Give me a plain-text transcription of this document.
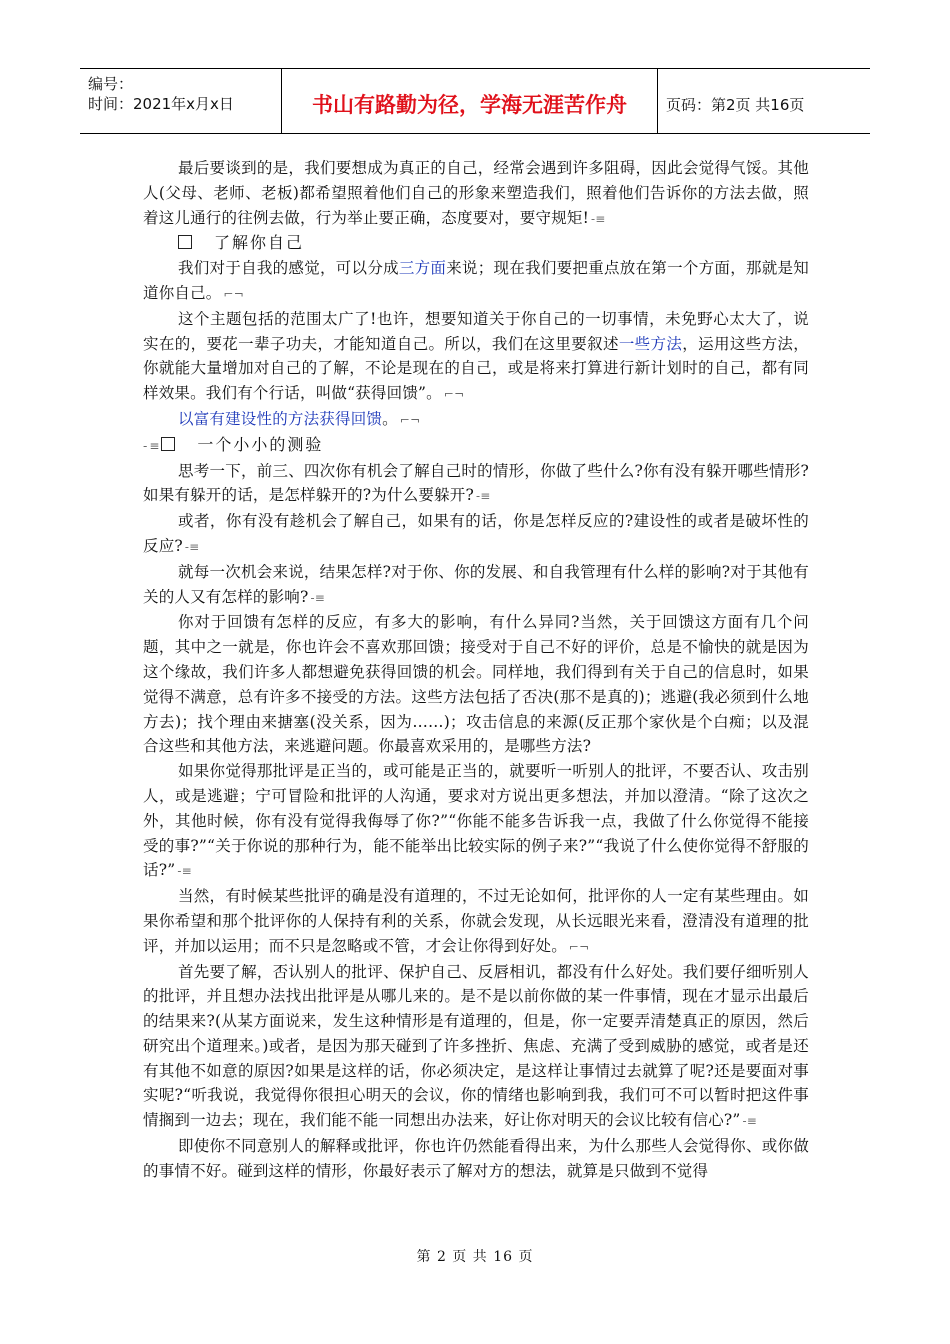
编号：
时间：2021年x月x日	书山有路勤为径，学海无涯苦作舟	页码：第2页 共16页

最后要谈到的是，我们要想成为真正的自己，经常会遇到许多阻碍，因此会觉得气馁。其他人(父母、老师、老板)都希望照着他们自己的形象来塑造我们，照着他们告诉你的方法去做，照着这儿通行的往例去做，行为举止要正确，态度要对，要守规矩! -≡

了解你自己

我们对于自我的感觉，可以分成三方面来说；现在我们要把重点放在第一个方面，那就是知道你自己。 ⌐¬

这个主题包括的范围太广了!也许，想要知道关于你自己的一切事情，未免野心太大了，说实在的，要花一辈子功夫，才能知道自己。所以，我们在这里要叙述一些方法，运用这些方法，你就能大量增加对自己的了解，不论是现在的自己，或是将来打算进行新计划时的自己，都有同样效果。我们有个行话，叫做“获得回馈”。 ⌐¬

以富有建设性的方法获得回馈。 ⌐¬

-≡ 一个小小的测验

思考一下，前三、四次你有机会了解自己时的情形，你做了些什么?你有没有躲开哪些情形?如果有躲开的话，是怎样躲开的?为什么要躲开? -≡

或者，你有没有趁机会了解自己，如果有的话，你是怎样反应的?建设性的或者是破坏性的反应? -≡

就每一次机会来说，结果怎样?对于你、你的发展、和自我管理有什么样的影响?对于其他有关的人又有怎样的影响? -≡

你对于回馈有怎样的反应，有多大的影响，有什么异同?当然，关于回馈这方面有几个问题，其中之一就是，你也许会不喜欢那回馈；接受对于自己不好的评价，总是不愉快的就是因为这个缘故，我们许多人都想避免获得回馈的机会。同样地，我们得到有关于自己的信息时，如果觉得不满意，总有许多不接受的方法。这些方法包括了否决(那不是真的)；逃避(我必须到什么地方去)；找个理由来搪塞(没关系，因为……)；攻击信息的来源(反正那个家伙是个白痴；以及混合这些和其他方法，来逃避问题。你最喜欢采用的，是哪些方法?

如果你觉得那批评是正当的，或可能是正当的，就要听一听别人的批评，不要否认、攻击别人，或是逃避；宁可冒险和批评的人沟通，要求对方说出更多想法，并加以澄清。“除了这次之外，其他时候，你有没有觉得我侮辱了你?”“你能不能多告诉我一点，我做了什么你觉得不能接受的事?”“关于你说的那种行为，能不能举出比较实际的例子来?”“我说了什么使你觉得不舒服的话?” -≡

当然，有时候某些批评的确是没有道理的，不过无论如何，批评你的人一定有某些理由。如果你希望和那个批评你的人保持有利的关系，你就会发现，从长远眼光来看，澄清没有道理的批评，并加以运用；而不只是忽略或不管，才会让你得到好处。 ⌐¬

首先要了解，否认别人的批评、保护自己、反唇相讥，都没有什么好处。我们要仔细听别人的批评，并且想办法找出批评是从哪儿来的。是不是以前你做的某一件事情，现在才显示出最后的结果来?(从某方面说来，发生这种情形是有道理的，但是，你一定要弄清楚真正的原因，然后研究出个道理来。)或者，是因为那天碰到了许多挫折、焦虑、充满了受到威胁的感觉，或者是还有其他不如意的原因?如果是这样的话，你必须决定，是这样让事情过去就算了呢?还是要面对事实呢?“听我说，我觉得你很担心明天的会议，你的情绪也影响到我，我们可不可以暂时把这件事情搁到一边去；现在，我们能不能一同想出办法来，好让你对明天的会议比较有信心?” -≡

即使你不同意别人的解释或批评，你也许仍然能看得出来，为什么那些人会觉得你、或你做的事情不好。碰到这样的情形，你最好表示了解对方的想法，就算是只做到不觉得

第 2 页 共 16 页
